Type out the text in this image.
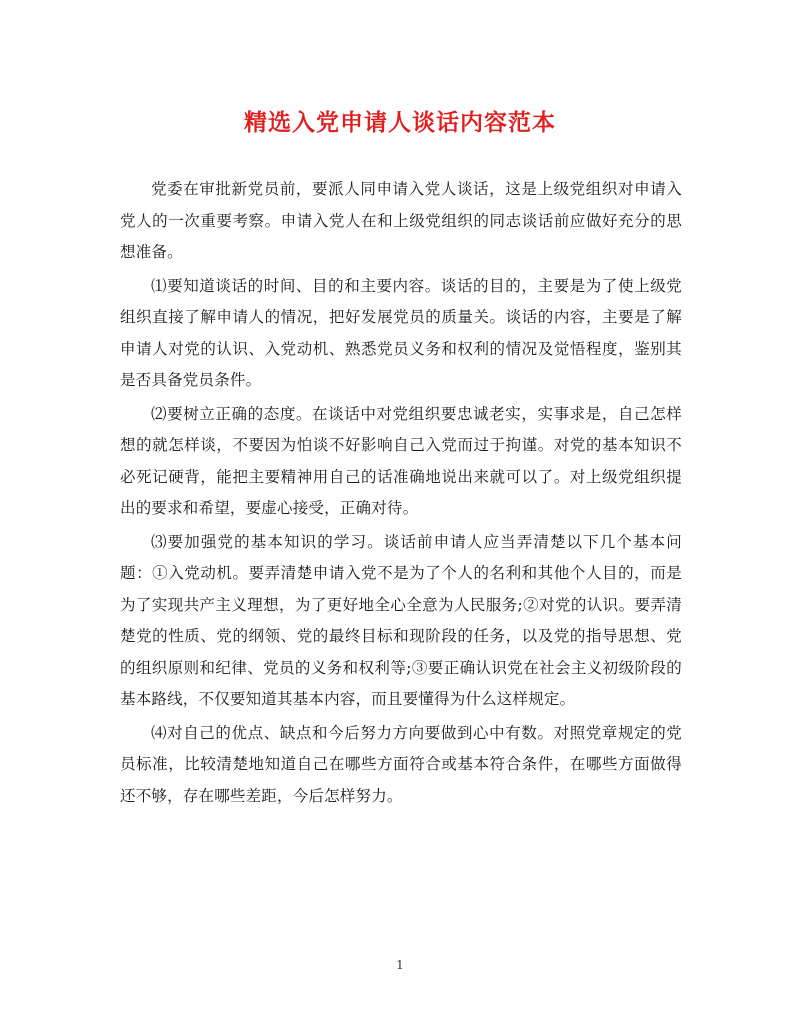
精选入党申请人谈话内容范本

党委在审批新党员前，要派人同申请入党人谈话，这是上级党组织对申请入党人的一次重要考察。申请入党人在和上级党组织的同志谈话前应做好充分的思想准备。

⑴要知道谈话的时间、目的和主要内容。谈话的目的，主要是为了使上级党组织直接了解申请人的情况，把好发展党员的质量关。谈话的内容，主要是了解申请人对党的认识、入党动机、熟悉党员义务和权利的情况及觉悟程度，鉴别其是否具备党员条件。

⑵要树立正确的态度。在谈话中对党组织要忠诚老实，实事求是，自己怎样想的就怎样谈，不要因为怕谈不好影响自己入党而过于拘谨。对党的基本知识不必死记硬背，能把主要精神用自己的话准确地说出来就可以了。对上级党组织提出的要求和希望，要虚心接受，正确对待。

⑶要加强党的基本知识的学习。谈话前申请人应当弄清楚以下几个基本问题：①入党动机。要弄清楚申请入党不是为了个人的名利和其他个人目的，而是为了实现共产主义理想，为了更好地全心全意为人民服务;②对党的认识。要弄清楚党的性质、党的纲领、党的最终目标和现阶段的任务，以及党的指导思想、党的组织原则和纪律、党员的义务和权利等;③要正确认识党在社会主义初级阶段的基本路线，不仅要知道其基本内容，而且要懂得为什么这样规定。

⑷对自己的优点、缺点和今后努力方向要做到心中有数。对照党章规定的党员标准，比较清楚地知道自己在哪些方面符合或基本符合条件，在哪些方面做得还不够，存在哪些差距，今后怎样努力。

1
